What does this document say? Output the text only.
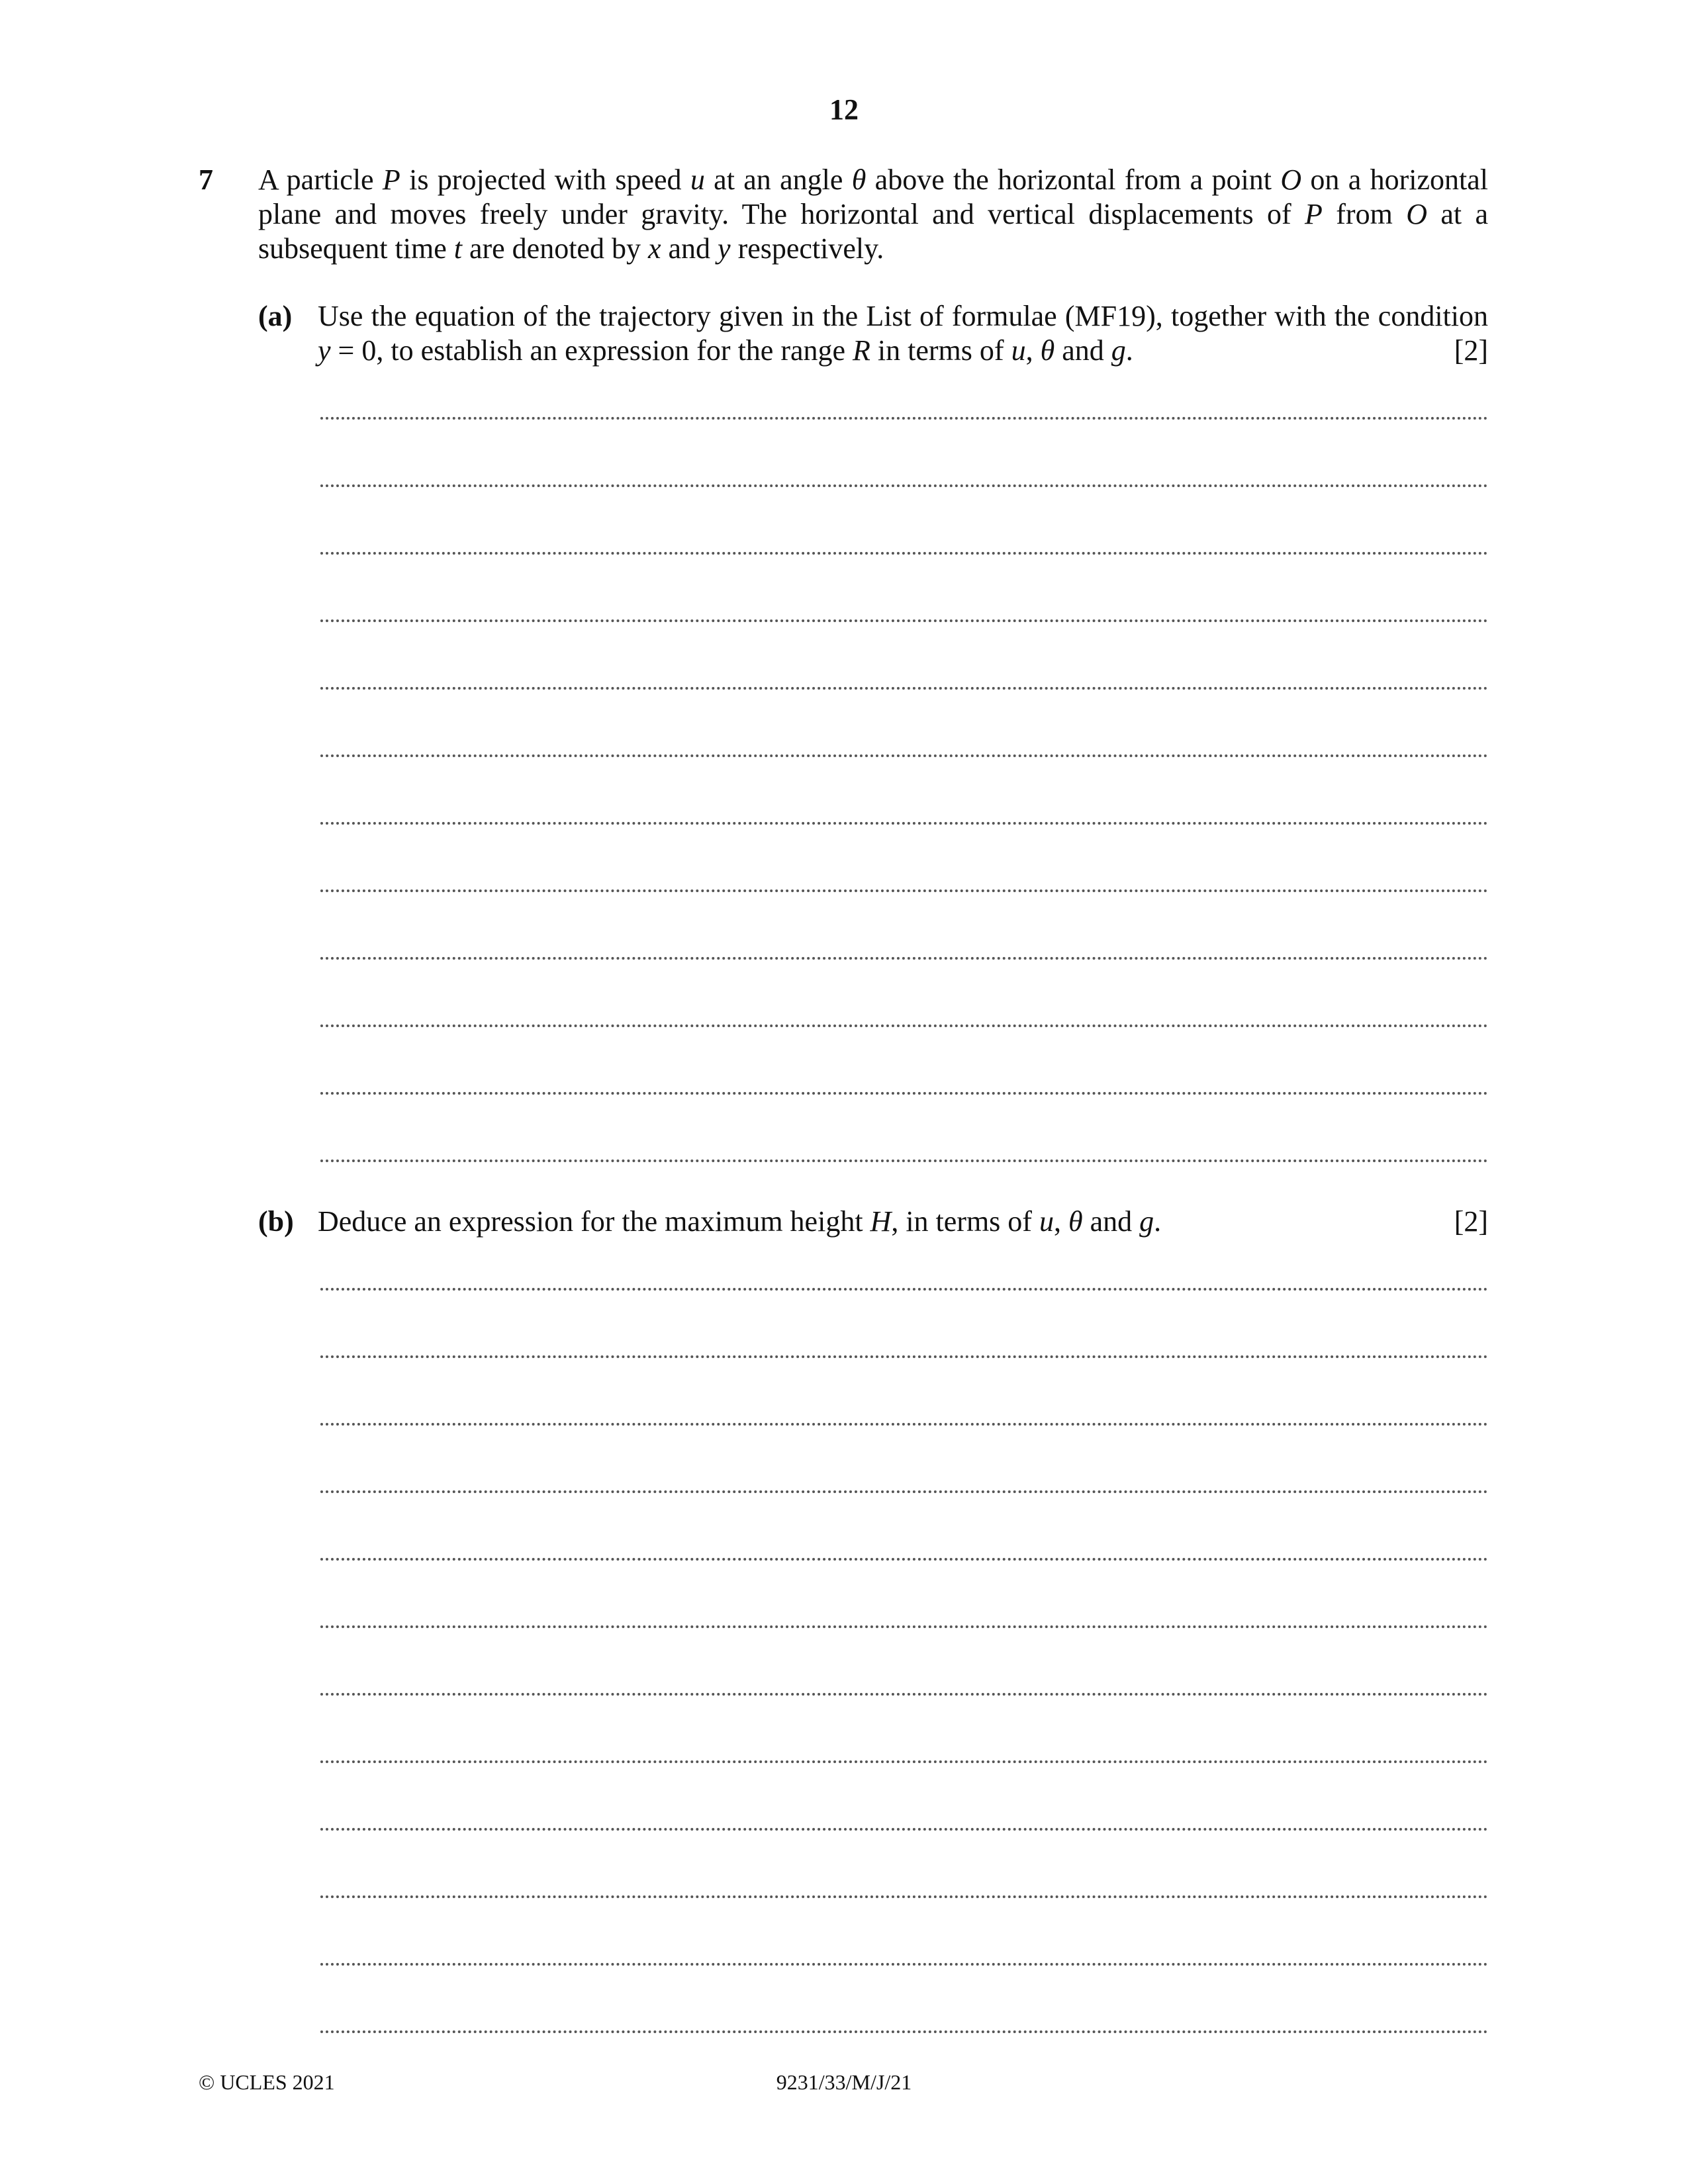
12
7 A particle P is projected with speed u at an angle θ above the horizontal from a point O on a horizontal
plane and moves freely under gravity. The horizontal and vertical displacements of P from O at a
subsequent time t are denoted by x and y respectively.
(a) Use the equation of the trajectory given in the List of formulae (MF19), together with the condition
y = 0, to establish an expression for the range R in terms of u, θ and g.	[2]
(b) Deduce an expression for the maximum height H, in terms of u, θ and g.	[2]
© UCLES 2021	9231/33/M/J/21
